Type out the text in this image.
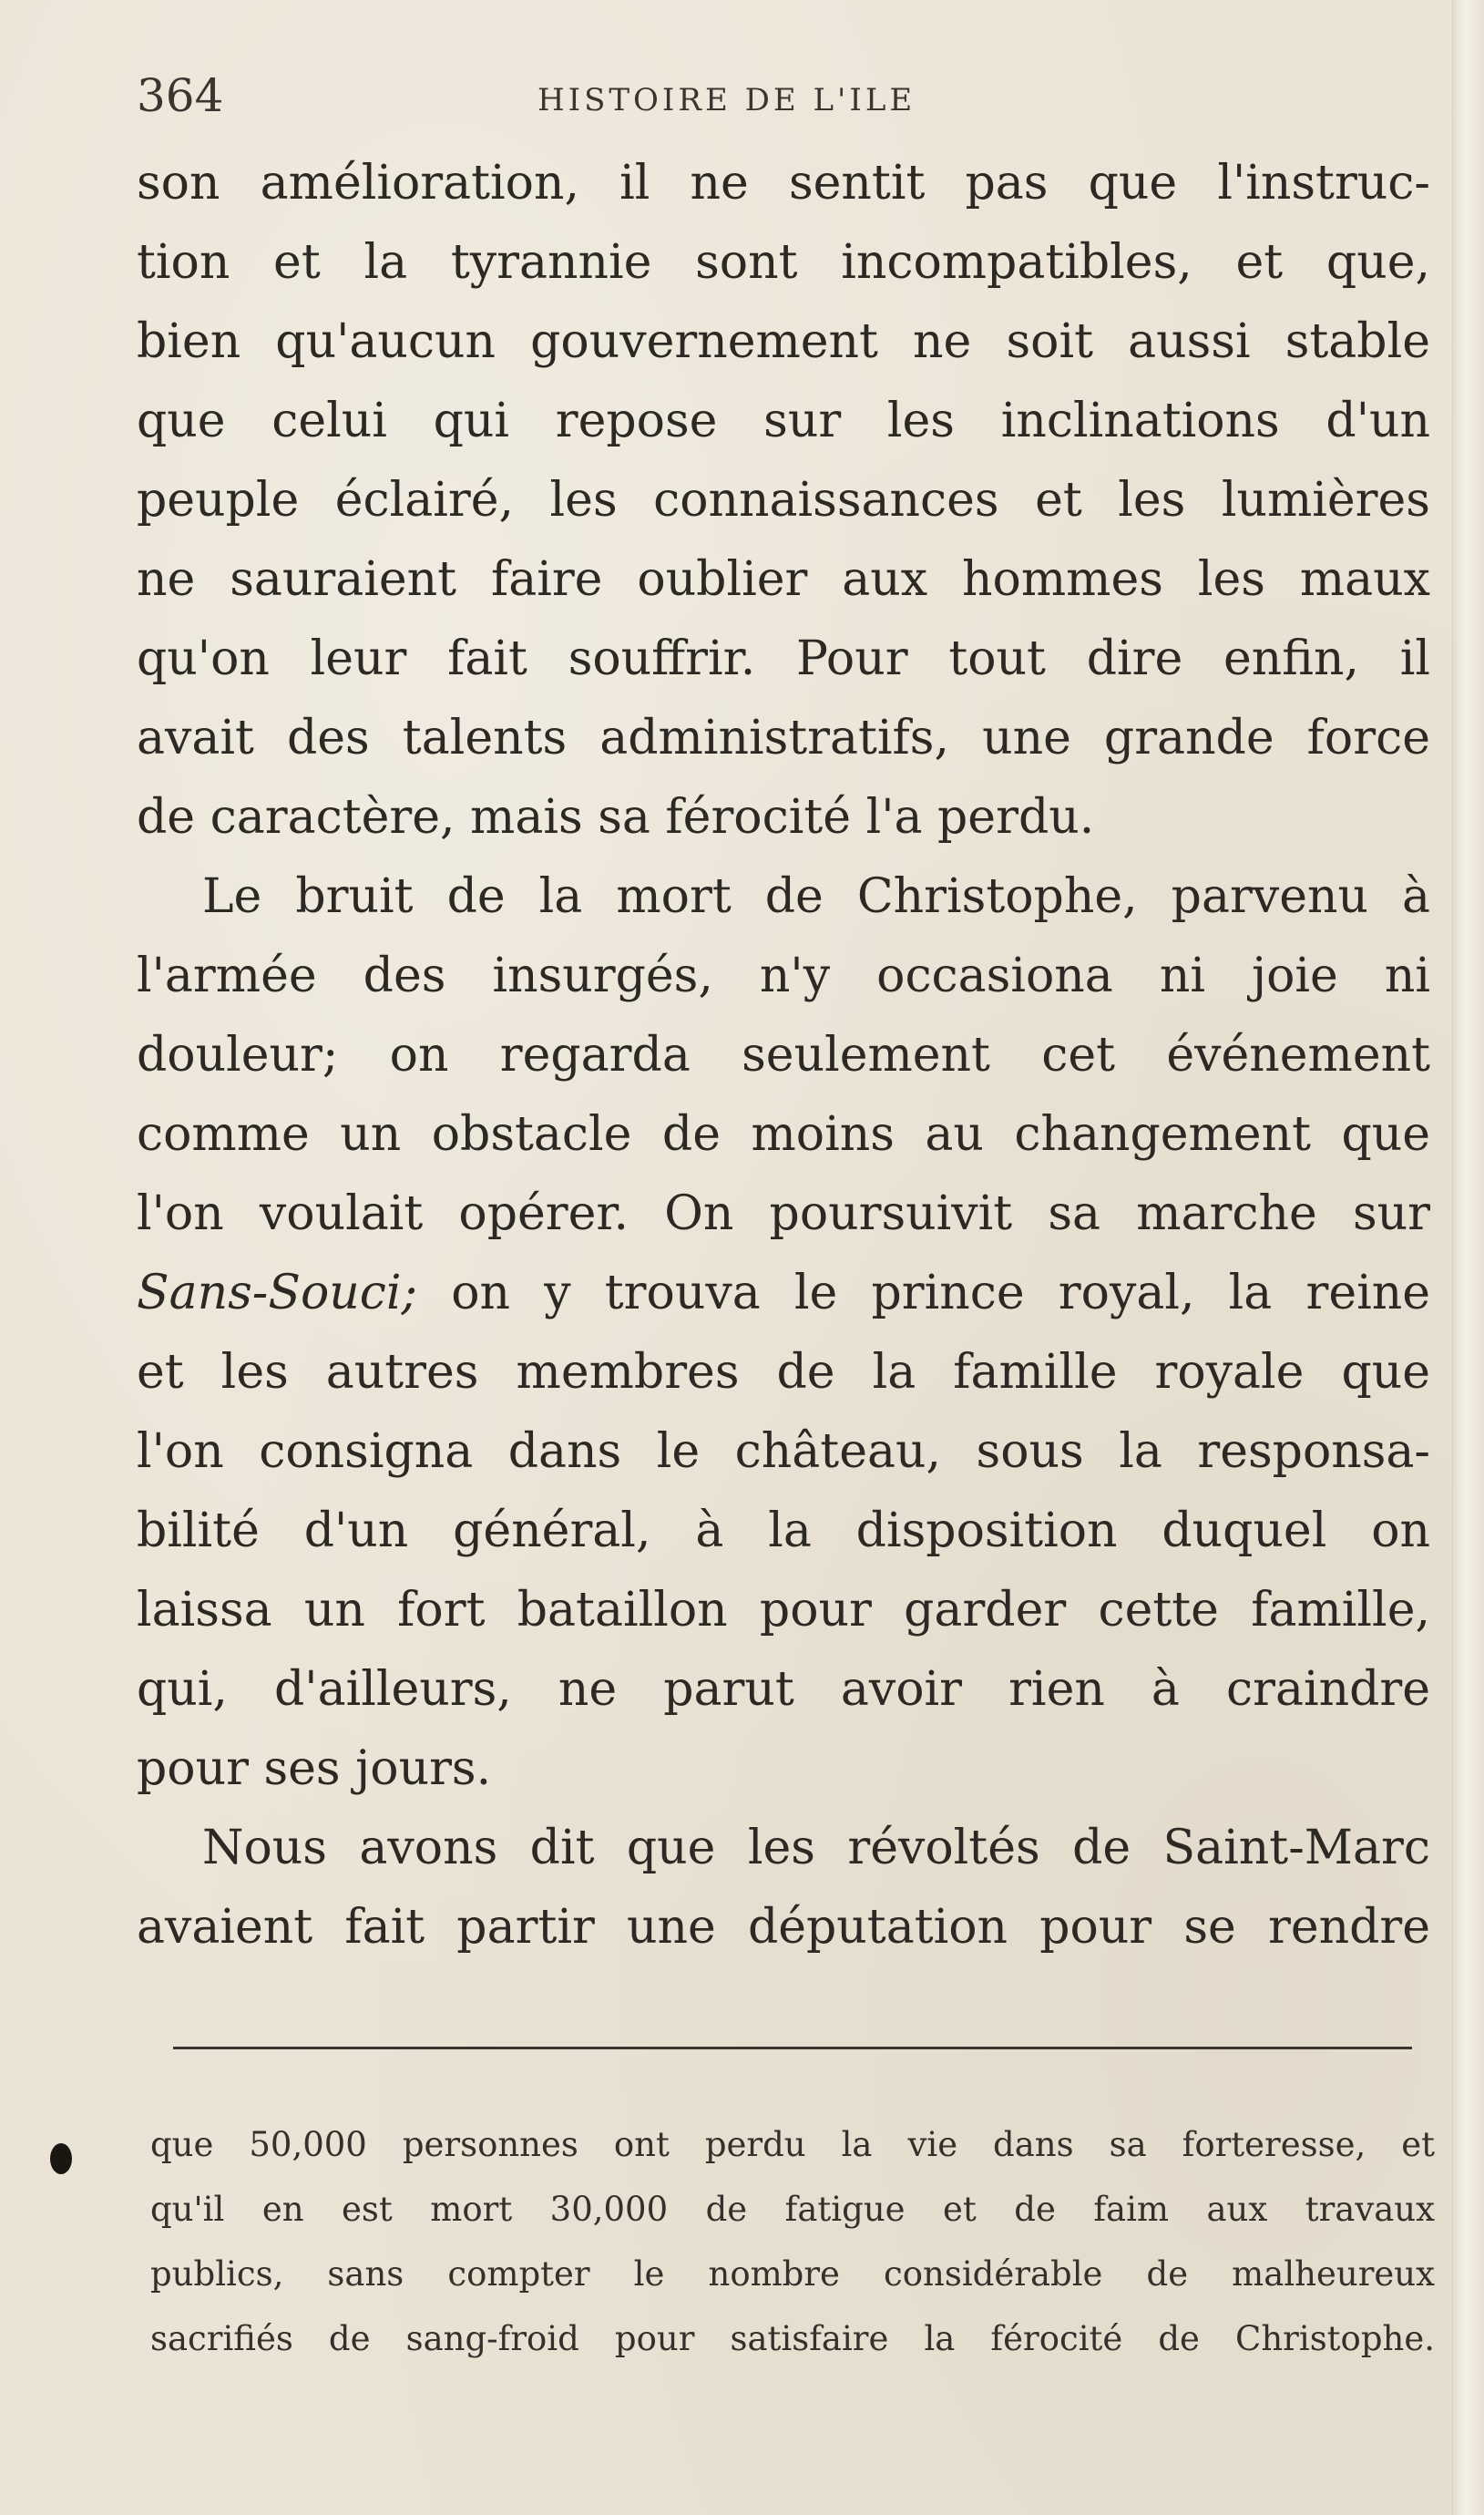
364	HISTOIRE DE L'ILE
son amélioration, il ne sentit pas que l'instruc-
tion et la tyrannie sont incompatibles, et que,
bien qu'aucun gouvernement ne soit aussi stable
que celui qui repose sur les inclinations d'un
peuple éclairé, les connaissances et les lumières
ne sauraient faire oublier aux hommes les maux
qu'on leur fait souffrir. Pour tout dire enfin, il
avait des talents administratifs, une grande force
de caractère, mais sa férocité l'a perdu.
Le bruit de la mort de Christophe, parvenu à
l'armée des insurgés, n'y occasiona ni joie ni
douleur; on regarda seulement cet événement
comme un obstacle de moins au changement que
l'on voulait opérer. On poursuivit sa marche sur
Sans-Souci; on y trouva le prince royal, la reine
et les autres membres de la famille royale que
l'on consigna dans le château, sous la responsa-
bilité d'un général, à la disposition duquel on
laissa un fort bataillon pour garder cette famille,
qui, d'ailleurs, ne parut avoir rien à craindre
pour ses jours.
Nous avons dit que les révoltés de Saint-Marc
avaient fait partir une députation pour se rendre
que 50,000 personnes ont perdu la vie dans sa forteresse, et
qu'il en est mort 30,000 de fatigue et de faim aux travaux
publics, sans compter le nombre considérable de malheureux
sacrifiés de sang-froid pour satisfaire la férocité de Christophe.
